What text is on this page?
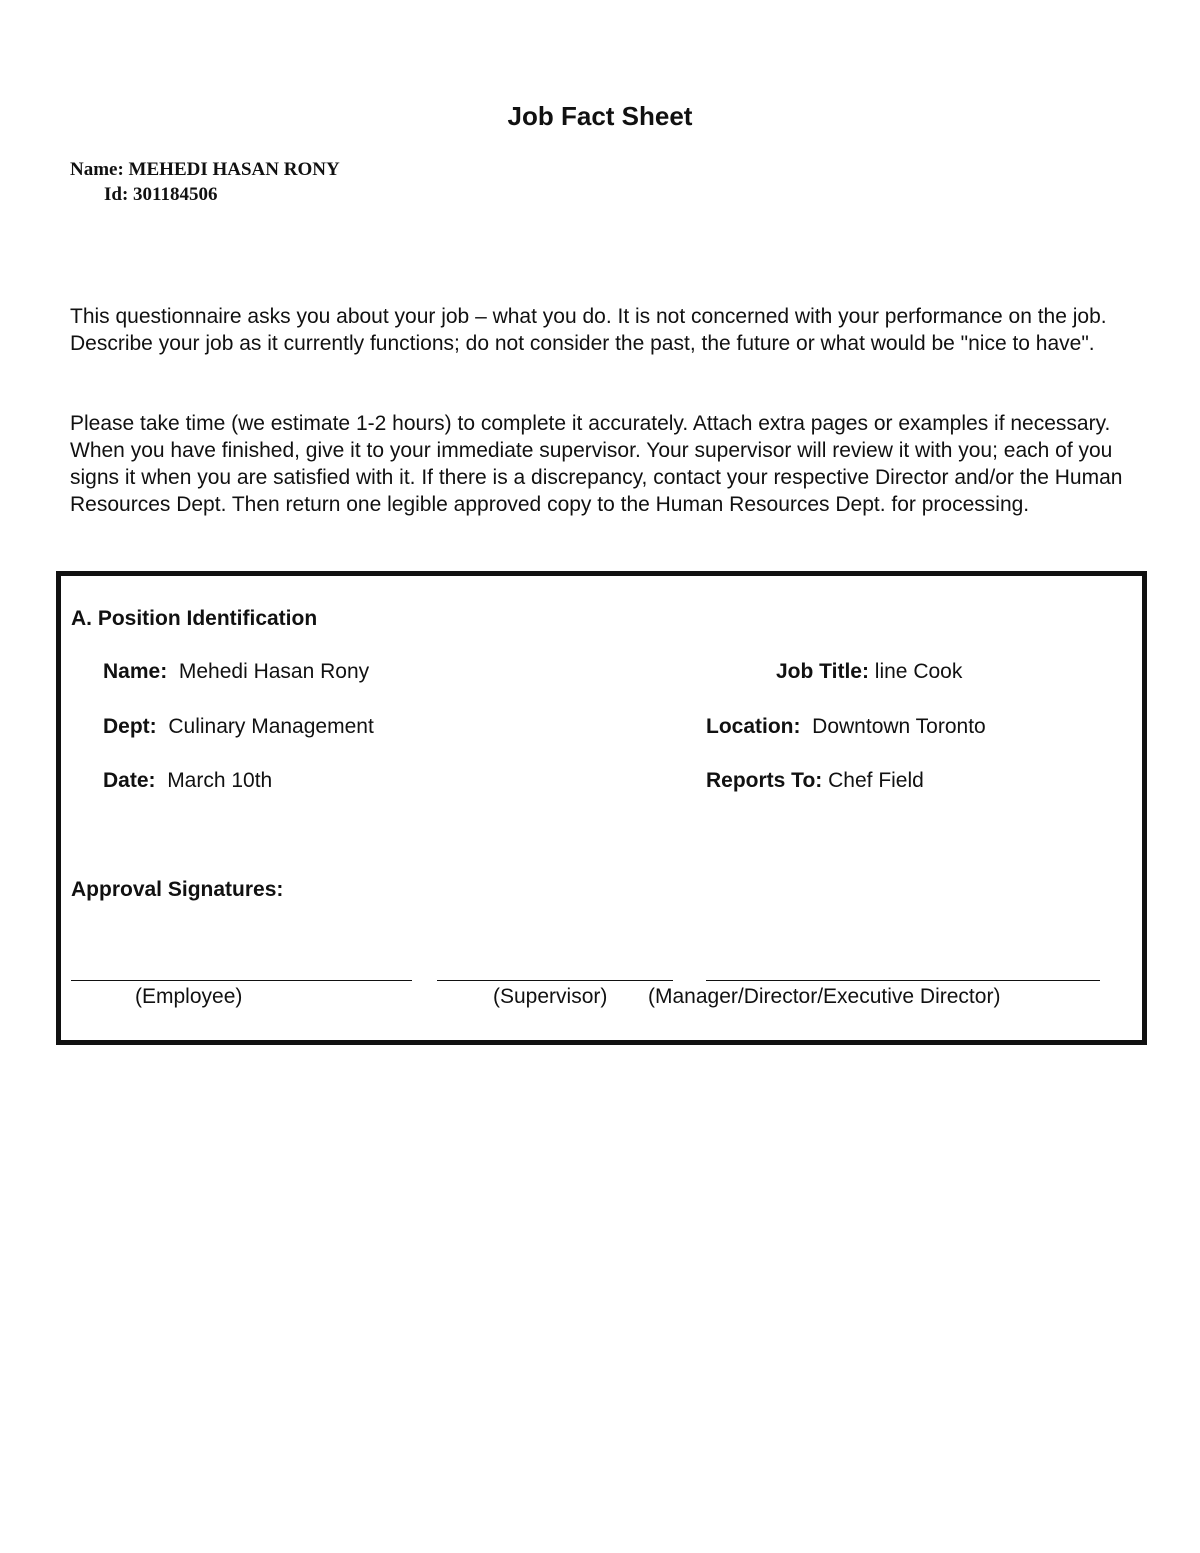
Job Fact Sheet
Name: MEHEDI HASAN RONY
Id: 301184506
This questionnaire asks you about your job – what you do. It is not concerned with your performance on the job. Describe your job as it currently functions; do not consider the past, the future or what would be "nice to have".
Please take time (we estimate 1-2 hours) to complete it accurately. Attach extra pages or examples if necessary. When you have finished, give it to your immediate supervisor. Your supervisor will review it with you; each of you signs it when you are satisfied with it. If there is a discrepancy, contact your respective Director and/or the Human Resources Dept. Then return one legible approved copy to the Human Resources Dept. for processing.
A. Position Identification
Name: Mehedi Hasan Rony	Job Title: line Cook
Dept: Culinary Management	Location: Downtown Toronto
Date: March 10th	Reports To: Chef Field
Approval Signatures:
(Employee)	(Supervisor) (Manager/Director/Executive Director)
